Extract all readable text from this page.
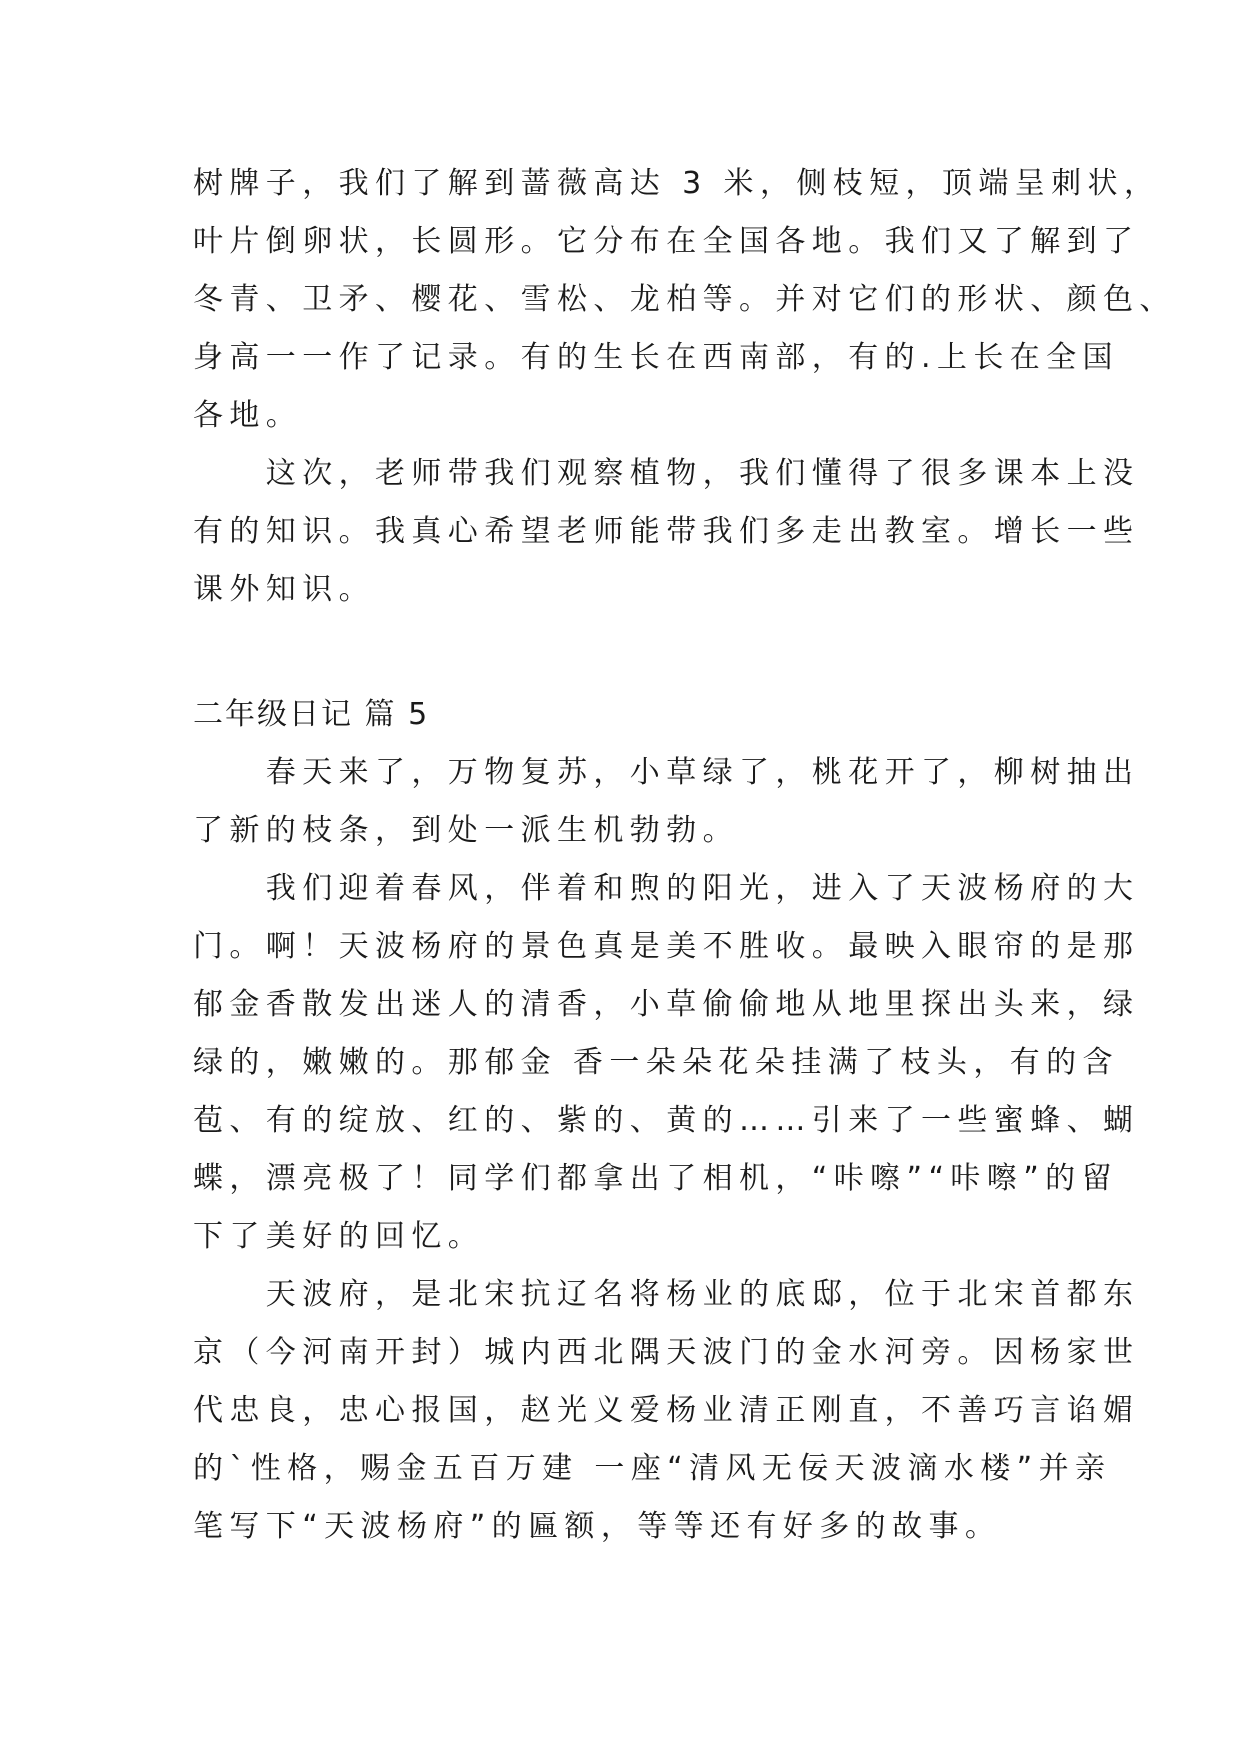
树牌子，我们了解到蔷薇高达 3 米，侧枝短，顶端呈刺状，
叶片倒卵状，长圆形。它分布在全国各地。我们又了解到了
冬青、卫矛、樱花、雪松、龙柏等。并对它们的形状、颜色、
身高一一作了记录。有的生长在西南部，有的.上长在全国
各地。
　　这次，老师带我们观察植物，我们懂得了很多课本上没
有的知识。我真心希望老师能带我们多走出教室。增长一些
课外知识。
二年级日记 篇 5
　　春天来了，万物复苏，小草绿了，桃花开了，柳树抽出
了新的枝条，到处一派生机勃勃。
　　我们迎着春风，伴着和煦的阳光，进入了天波杨府的大
门。啊！天波杨府的景色真是美不胜收。最映入眼帘的是那
郁金香散发出迷人的清香，小草偷偷地从地里探出头来，绿
绿的，嫩嫩的。那郁金 香一朵朵花朵挂满了枝头，有的含
苞、有的绽放、红的、紫的、黄的……引来了一些蜜蜂、蝴
蝶，漂亮极了！同学们都拿出了相机，“咔嚓”“咔嚓”的留
下了美好的回忆。
　　天波府，是北宋抗辽名将杨业的底邸，位于北宋首都东
京（今河南开封）城内西北隅天波门的金水河旁。因杨家世
代忠良，忠心报国，赵光义爱杨业清正刚直，不善巧言谄媚
的`性格，赐金五百万建 一座“清风无佞天波滴水楼”并亲
笔写下“天波杨府”的匾额，等等还有好多的故事。
